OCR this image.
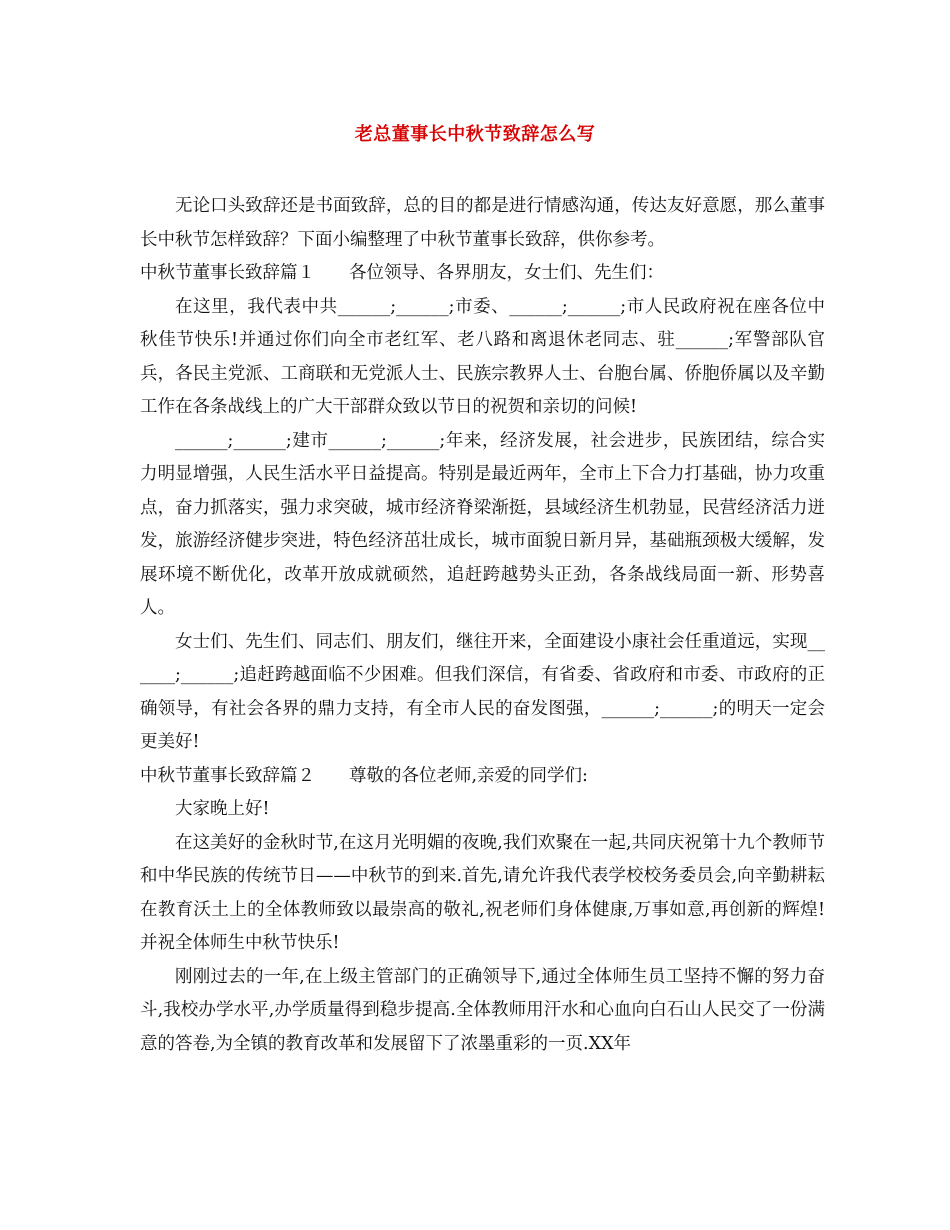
老总董事长中秋节致辞怎么写

无论口头致辞还是书面致辞，总的目的都是进行情感沟通，传达友好意愿，那么董事长中秋节怎样致辞？下面小编整理了中秋节董事长致辞，供你参考。

中秋节董事长致辞篇１ 各位领导、各界朋友，女士们、先生们：

在这里，我代表中共______;______;市委、______;______;市人民政府祝在座各位中秋佳节快乐!并通过你们向全市老红军、老八路和离退休老同志、驻______;军警部队官兵，各民主党派、工商联和无党派人士、民族宗教界人士、台胞台属、侨胞侨属以及辛勤工作在各条战线上的广大干部群众致以节日的祝贺和亲切的问候!

______;______;建市______;______;年来，经济发展，社会进步，民族团结，综合实力明显增强，人民生活水平日益提高。特别是最近两年，全市上下合力打基础，协力攻重点，奋力抓落实，强力求突破，城市经济脊梁渐挺，县域经济生机勃显，民营经济活力迸发，旅游经济健步突进，特色经济茁壮成长，城市面貌日新月异，基础瓶颈极大缓解，发展环境不断优化，改革开放成就硕然，追赶跨越势头正劲，各条战线局面一新、形势喜人。

女士们、先生们、同志们、朋友们，继往开来，全面建设小康社会任重道远，实现______;______;追赶跨越面临不少困难。但我们深信，有省委、省政府和市委、市政府的正确领导，有社会各界的鼎力支持，有全市人民的奋发图强，______;______;的明天一定会更美好!

中秋节董事长致辞篇２ 尊敬的各位老师,亲爱的同学们:

大家晚上好!

在这美好的金秋时节,在这月光明媚的夜晚,我们欢聚在一起,共同庆祝第十九个教师节和中华民族的传统节日——中秋节的到来.首先,请允许我代表学校校务委员会,向辛勤耕耘在教育沃土上的全体教师致以最崇高的敬礼,祝老师们身体健康,万事如意,再创新的辉煌!并祝全体师生中秋节快乐!

刚刚过去的一年,在上级主管部门的正确领导下,通过全体师生员工坚持不懈的努力奋斗,我校办学水平,办学质量得到稳步提高.全体教师用汗水和心血向白石山人民交了一份满意的答卷,为全镇的教育改革和发展留下了浓墨重彩的一页.XX年
